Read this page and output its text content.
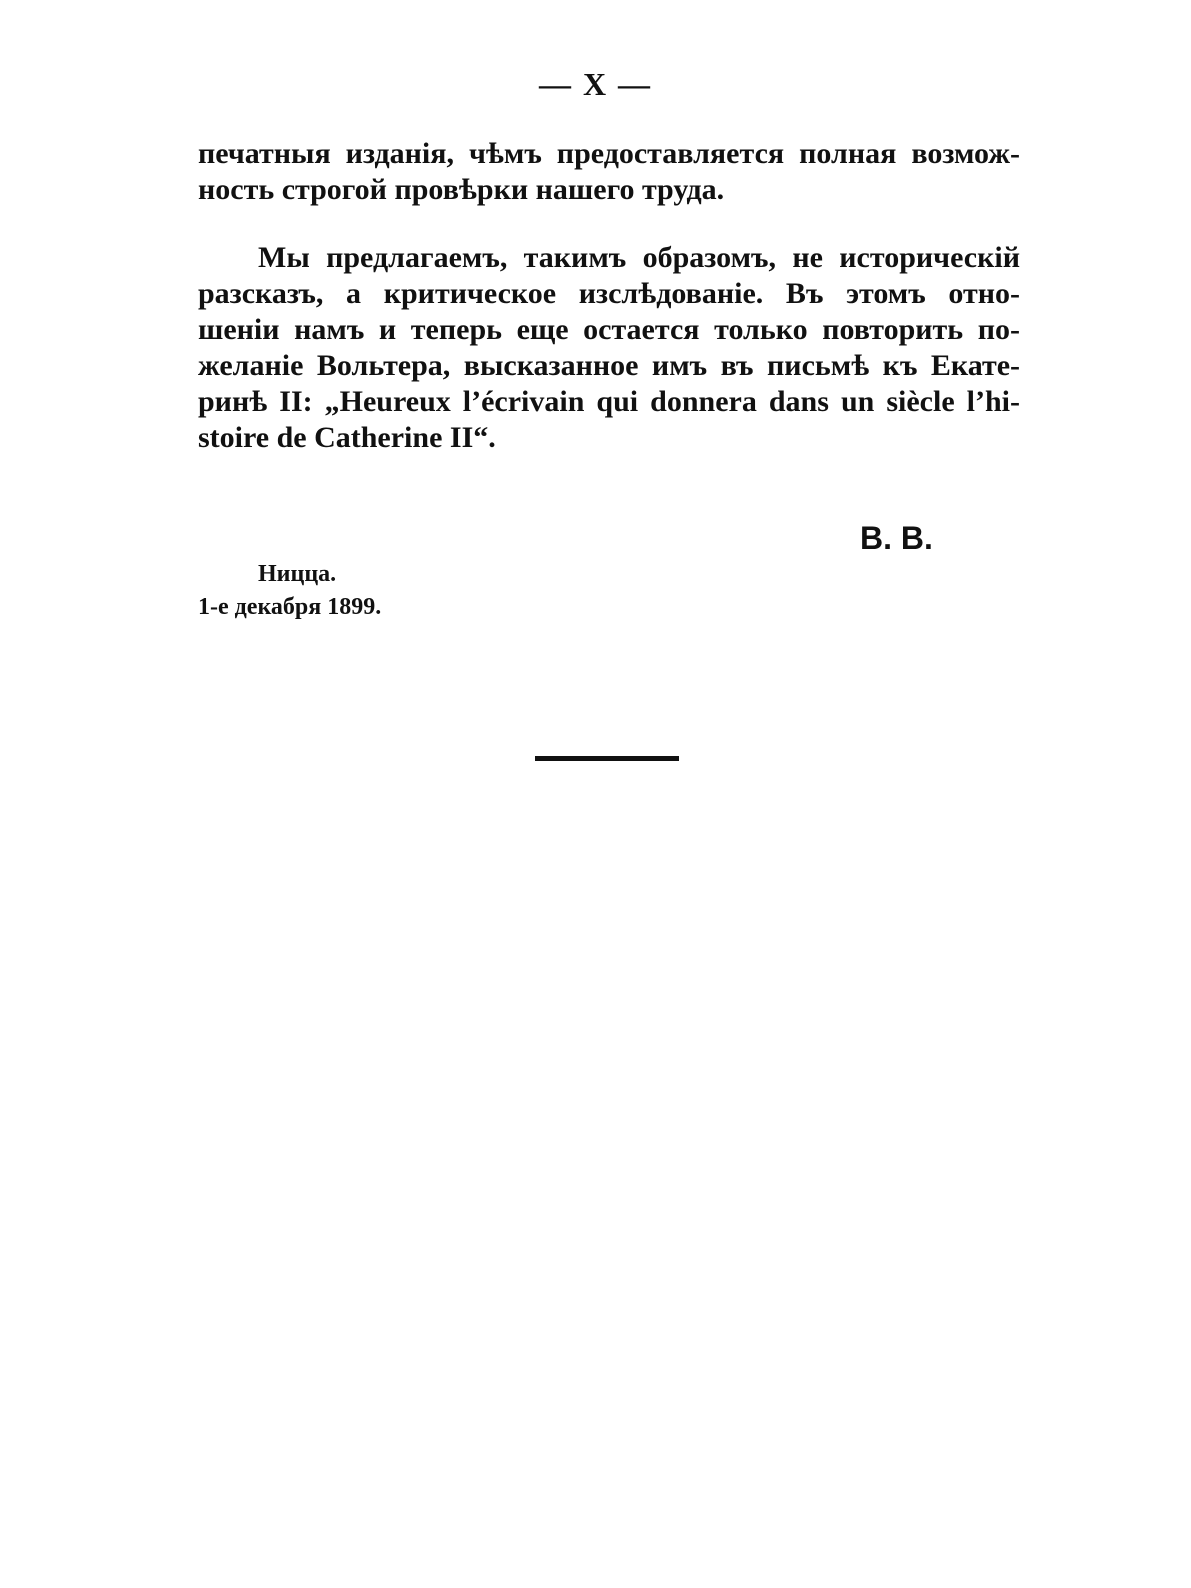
— X —
печатныя изданія, чѣмъ предоставляется полная возмож-
ность строгой провѣрки нашего труда.
Мы предлагаемъ, такимъ образомъ, не историческій
разсказъ, а критическое изслѣдованіе. Въ этомъ отно-
шеніи намъ и теперь еще остается только повторить по-
желаніе Вольтера, высказанное имъ въ письмѣ къ Екате-
ринѣ II: „Heureux l’écrivain qui donnera dans un siècle l’hi-
stoire de Catherine II“.
В. В.
Ницца.
1-е декабря 1899.
